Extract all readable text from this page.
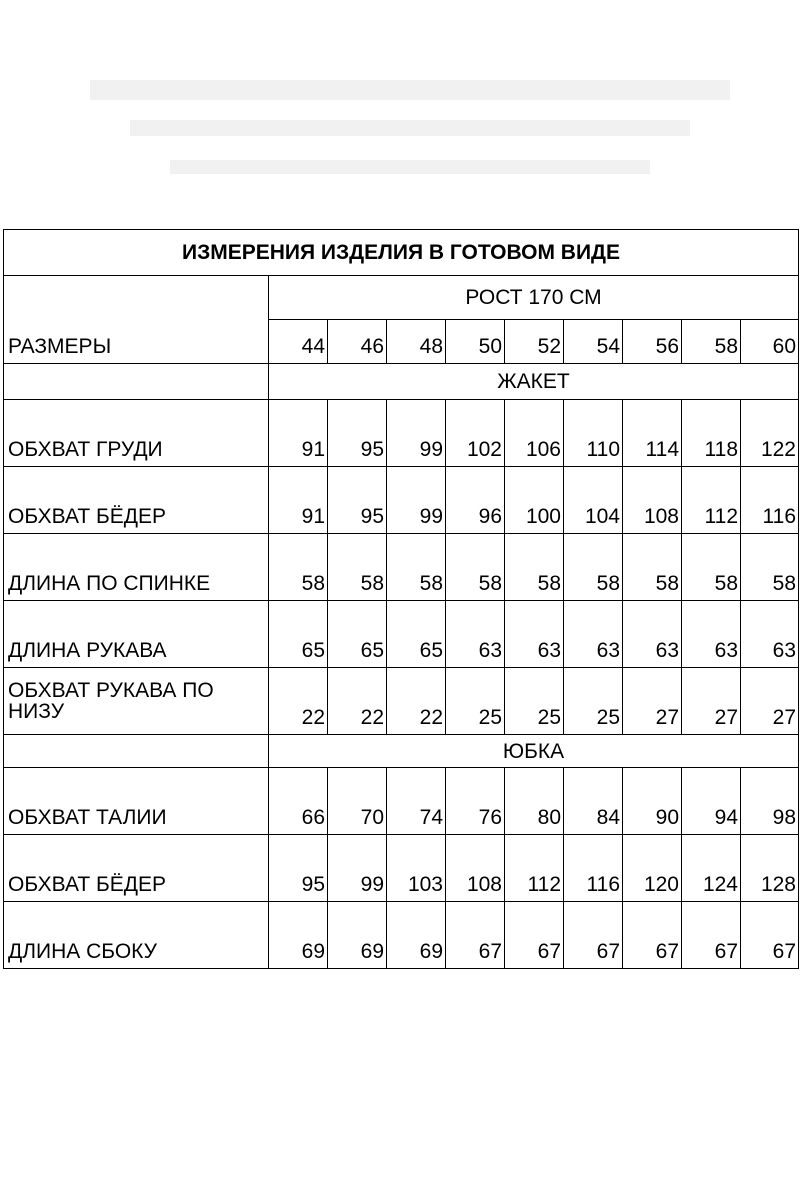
ИЗМЕРЕНИЯ ИЗДЕЛИЯ В ГОТОВОМ ВИДЕ									
РАЗМЕРЫ	РОСТ 170 СМ								
	44	46	48	50	52	54	56	58	60
	ЖАКЕТ								
ОБХВАТ ГРУДИ	91	95	99	102	106	110	114	118	122
ОБХВАТ БЁДЕР	91	95	99	96	100	104	108	112	116
ДЛИНА ПО СПИНКЕ	58	58	58	58	58	58	58	58	58
ДЛИНА РУКАВА	65	65	65	63	63	63	63	63	63
ОБХВАТ РУКАВА ПО
НИЗУ	22	22	22	25	25	25	27	27	27
	ЮБКА								
ОБХВАТ ТАЛИИ	66	70	74	76	80	84	90	94	98
ОБХВАТ БЁДЕР	95	99	103	108	112	116	120	124	128
ДЛИНА СБОКУ	69	69	69	67	67	67	67	67	67
